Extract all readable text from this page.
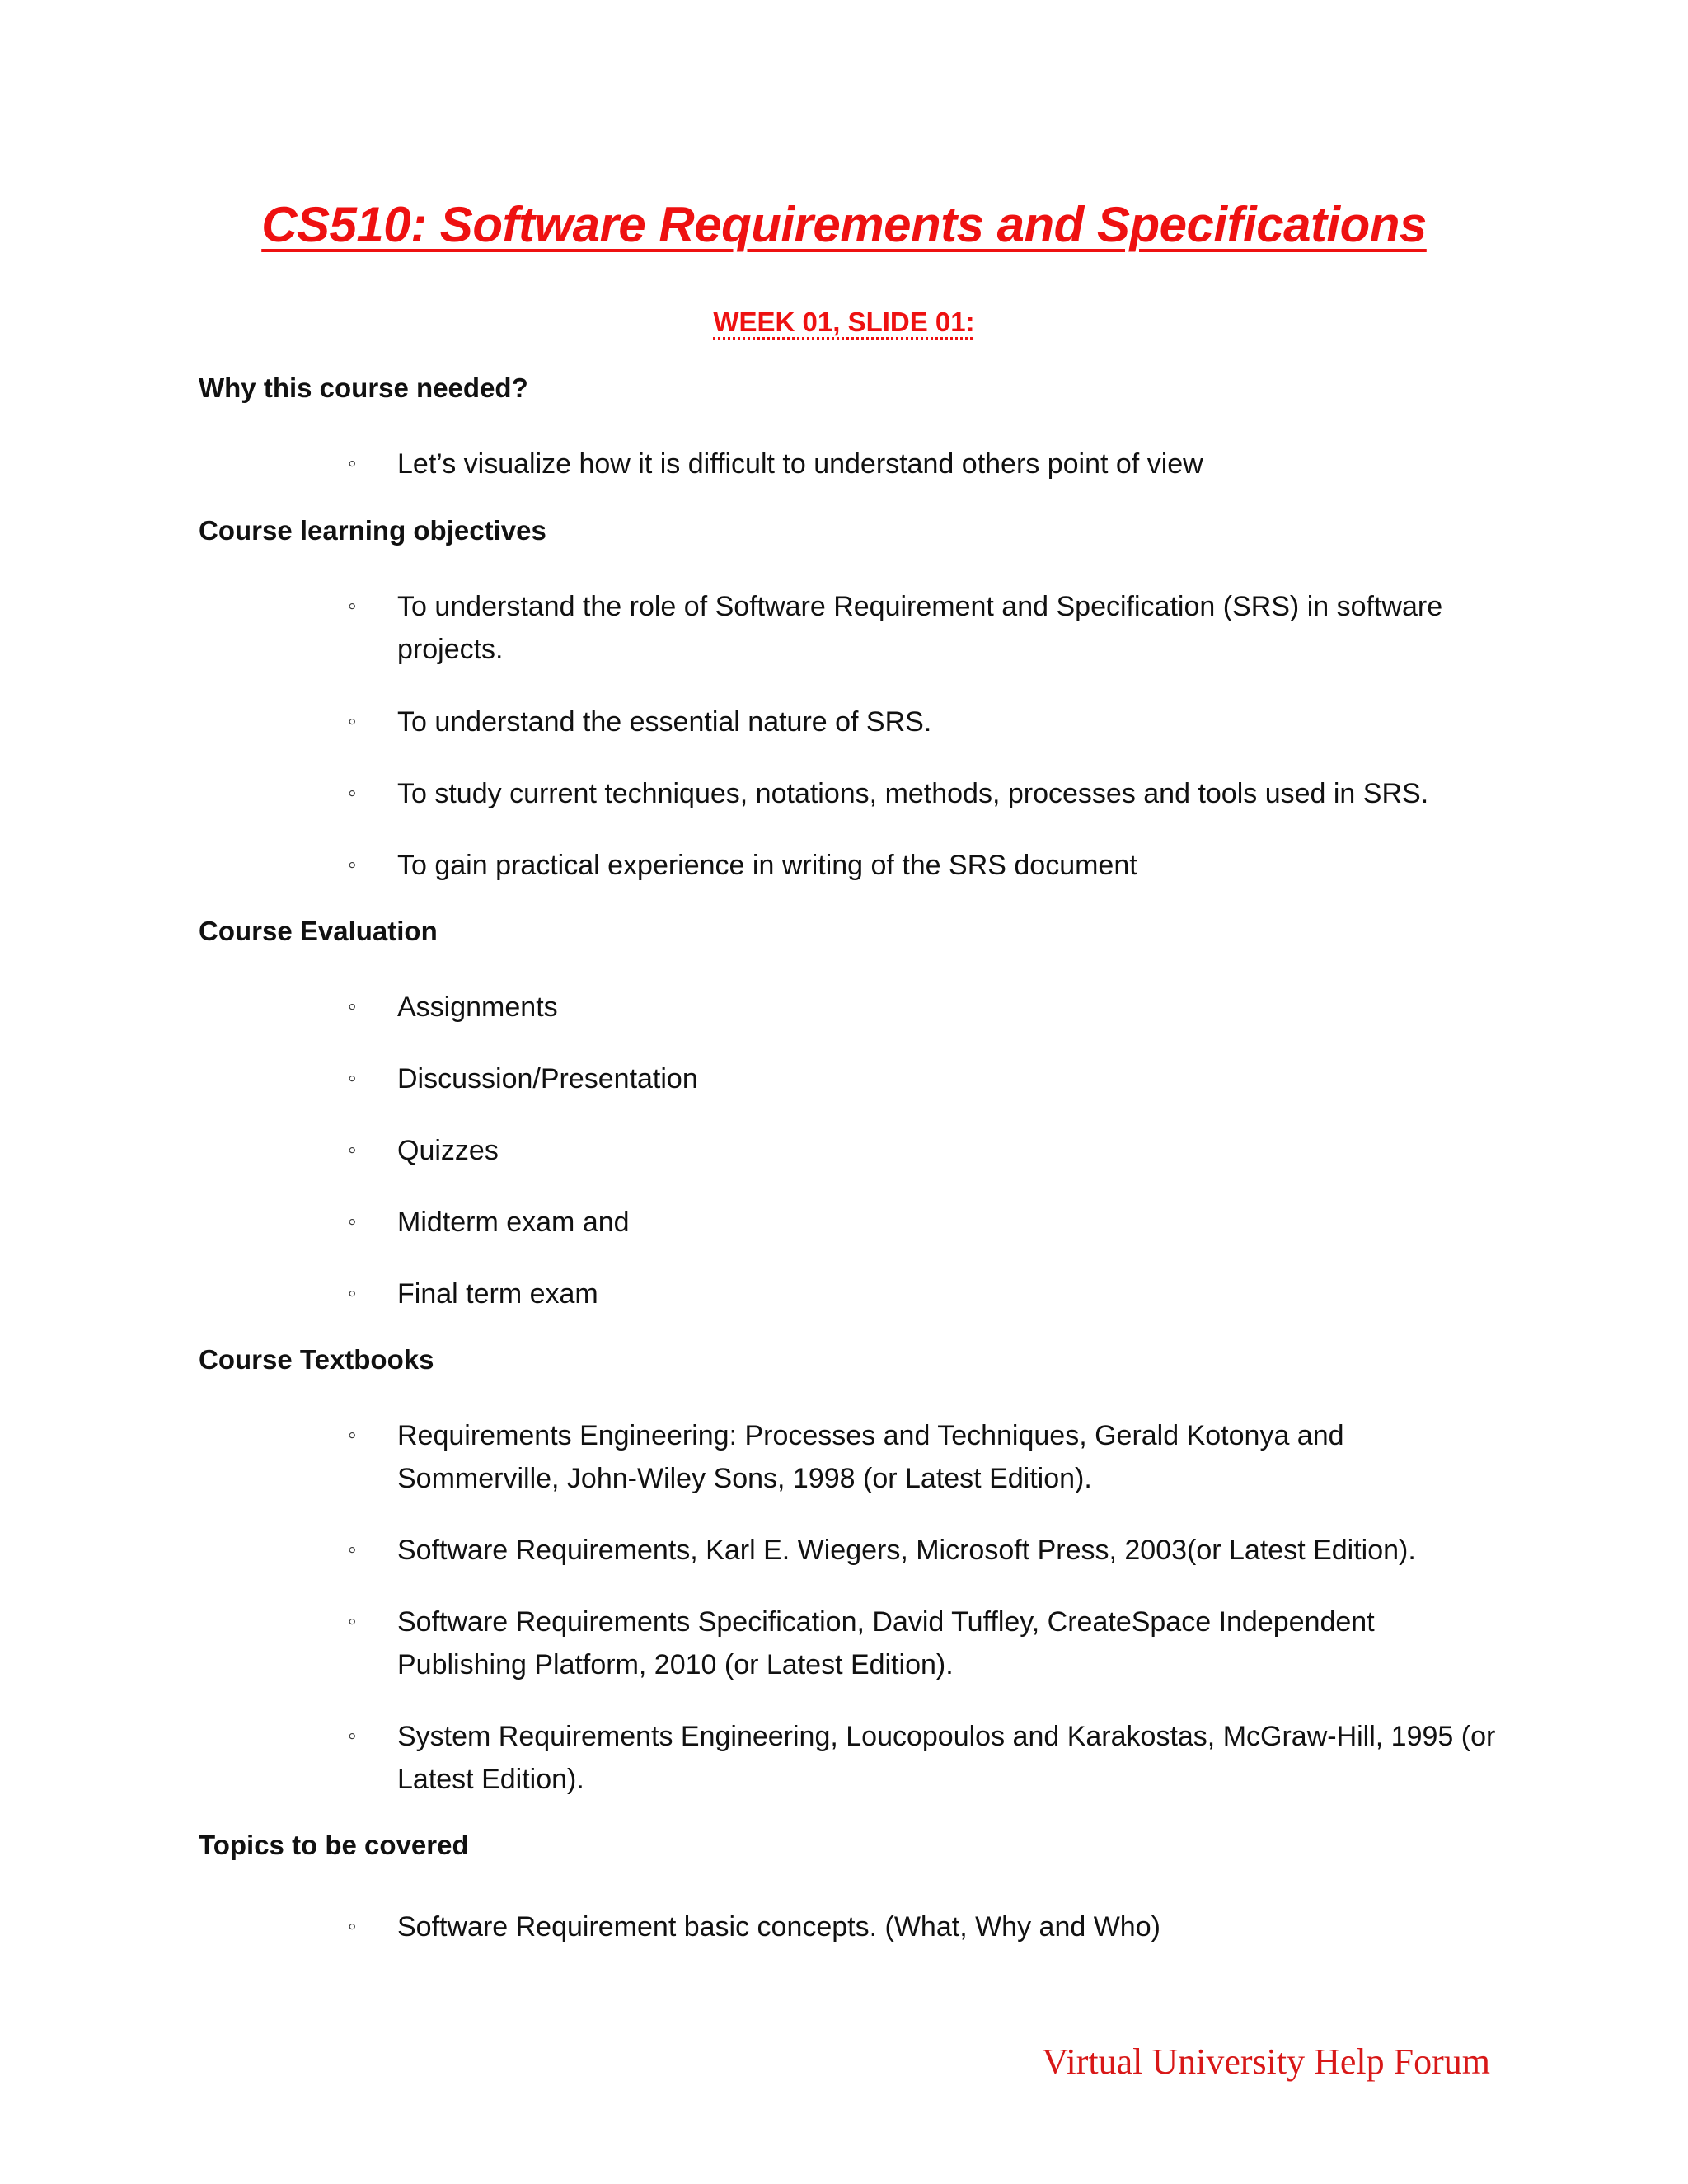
CS510: Software Requirements and Specifications
WEEK 01, SLIDE 01:
Why this course needed?
◦ Let’s visualize how it is difficult to understand others point of view
Course learning objectives
◦ To understand the role of Software Requirement and Specification (SRS) in software projects.
◦ To understand the essential nature of SRS.
◦ To study current techniques, notations, methods, processes and tools used in SRS.
◦ To gain practical experience in writing of the SRS document
Course Evaluation
◦ Assignments
◦ Discussion/Presentation
◦ Quizzes
◦ Midterm exam and
◦ Final term exam
Course Textbooks
◦ Requirements Engineering: Processes and Techniques, Gerald Kotonya and Sommerville, John-Wiley Sons, 1998 (or Latest Edition).
◦ Software Requirements, Karl E. Wiegers, Microsoft Press, 2003(or Latest Edition).
◦ Software Requirements Specification, David Tuffley, CreateSpace Independent Publishing Platform, 2010 (or Latest Edition).
◦ System Requirements Engineering, Loucopoulos and Karakostas, McGraw-Hill, 1995 (or Latest Edition).
Topics to be covered
◦ Software Requirement basic concepts. (What, Why and Who)
Virtual University Help Forum
